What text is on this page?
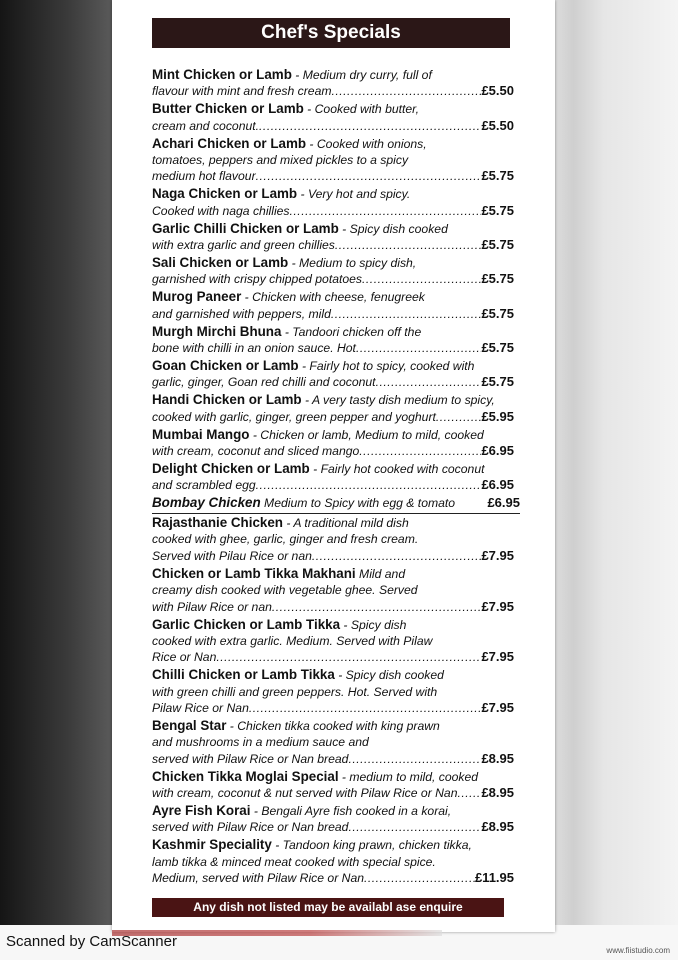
Chef's Specials
Mint Chicken or Lamb - Medium dry curry, full of
flavour with mint and fresh cream .....	£5.50
Butter Chicken or Lamb - Cooked with butter,
cream and coconut. .....	£5.50
Achari Chicken or Lamb - Cooked with onions,
tomatoes, peppers and mixed pickles to a spicy
medium hot flavour .....	£5.75
Naga Chicken or Lamb - Very hot and spicy.
Cooked with naga chillies .....	£5.75
Garlic Chilli Chicken or Lamb - Spicy dish cooked
with extra garlic and green chillies .....	£5.75
Sali Chicken or Lamb - Medium to spicy dish,
garnished with crispy chipped potatoes .....	£5.75
Murog Paneer - Chicken with cheese, fenugreek
and garnished with peppers, mild .....	£5.75
Murgh Mirchi Bhuna - Tandoori chicken off the
bone with chilli in an onion sauce. Hot .....	£5.75
Goan Chicken or Lamb - Fairly hot to spicy, cooked with
garlic, ginger, Goan red chilli and coconut .....	£5.75
Handi Chicken or Lamb - A very tasty dish medium to spicy,
cooked with garlic, ginger, green pepper and yoghurt .....	£5.95
Mumbai Mango - Chicken or lamb, Medium to mild, cooked
with cream, coconut and sliced mango .....	£6.95
Delight Chicken or Lamb - Fairly hot cooked with coconut
and scrambled egg .....	£6.95
Bombay Chicken Medium to Spicy with egg & tomato £6.95
Rajasthanie Chicken - A traditional mild dish
cooked with ghee, garlic, ginger and fresh cream.
Served with Pilau Rice or nan .....	£7.95
Chicken or Lamb Tikka Makhani Mild and
creamy dish cooked with vegetable ghee. Served
with Pilaw Rice or nan .....	£7.95
Garlic Chicken or Lamb Tikka - Spicy dish
cooked with extra garlic. Medium. Served with Pilaw
Rice or Nan .....	£7.95
Chilli Chicken or Lamb Tikka - Spicy dish cooked
with green chilli and green peppers. Hot. Served with
Pilaw Rice or Nan .....	£7.95
Bengal Star - Chicken tikka cooked with king prawn
and mushrooms in a medium sauce and
served with Pilaw Rice or Nan bread .....	£8.95
Chicken Tikka Moglai Special - medium to mild, cooked
with cream, coconut & nut served with Pilaw Rice or Nan ..... £8.95
Ayre Fish Korai - Bengali Ayre fish cooked in a korai,
served with Pilaw Rice or Nan bread .....	£8.95
Kashmir Speciality - Tandoon king prawn, chicken tikka,
lamb tikka & minced meat cooked with special spice.
Medium, served with Pilaw Rice or Nan .....	£11.95
Any dish not listed may be availabl ase enquire
Scanned by CamScanner
www.fiistudio.com
